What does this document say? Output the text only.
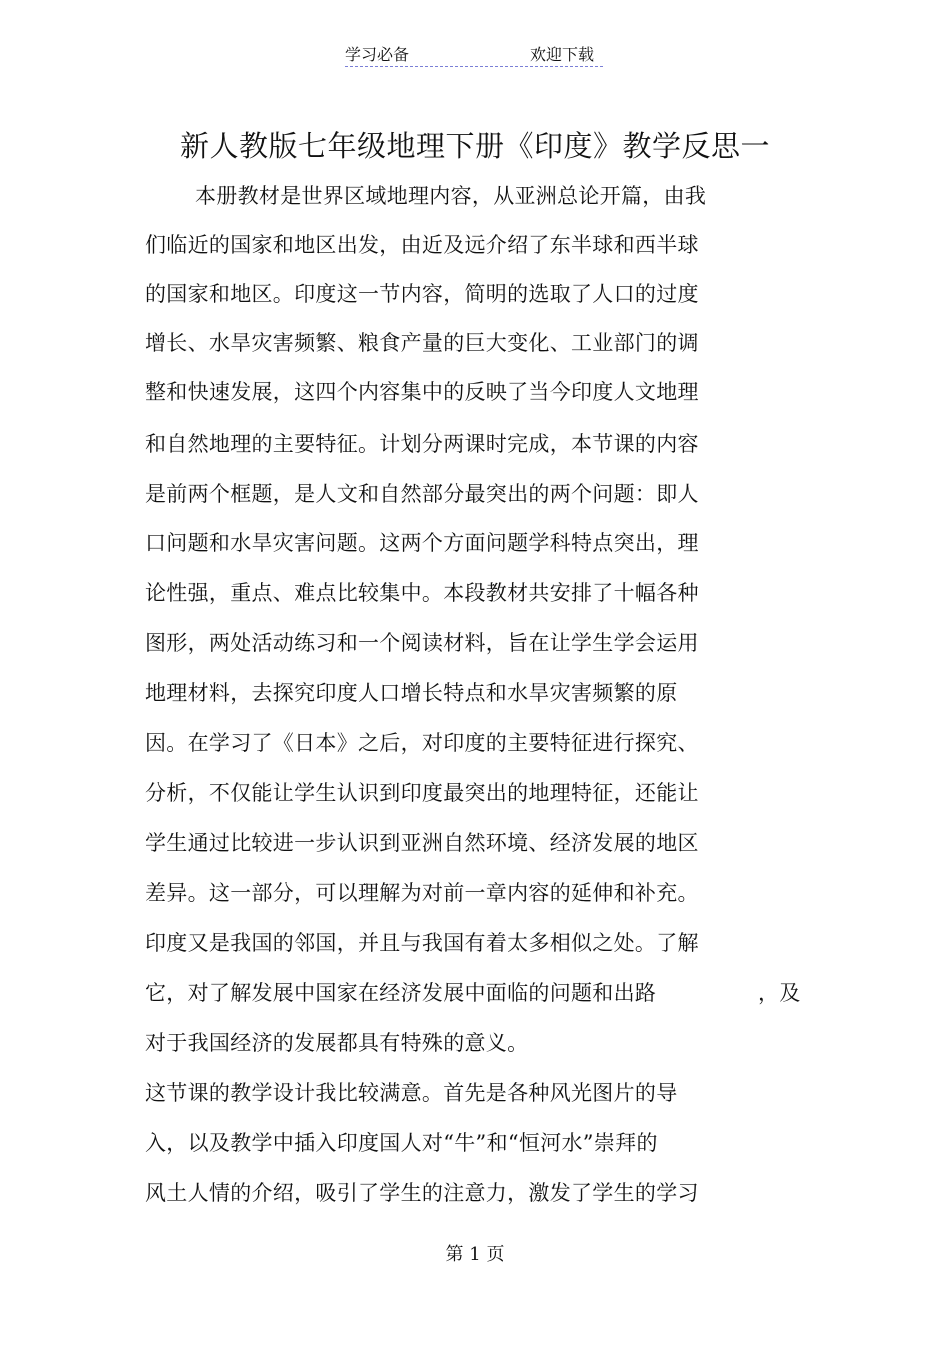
学习必备	欢迎下载
新人教版七年级地理下册《印度》教学反思一
本册教材是世界区域地理内容，从亚洲总论开篇，由我
们临近的国家和地区出发，由近及远介绍了东半球和西半球
的国家和地区。印度这一节内容，简明的选取了人口的过度
增长、水旱灾害频繁、粮食产量的巨大变化、工业部门的调
整和快速发展，这四个内容集中的反映了当今印度人文地理
和自然地理的主要特征。计划分两课时完成，本节课的内容
是前两个框题，是人文和自然部分最突出的两个问题：即人
口问题和水旱灾害问题。这两个方面问题学科特点突出，理
论性强，重点、难点比较集中。本段教材共安排了十幅各种
图形，两处活动练习和一个阅读材料，旨在让学生学会运用
地理材料，去探究印度人口增长特点和水旱灾害频繁的原
因。在学习了《日本》之后，对印度的主要特征进行探究、
分析，不仅能让学生认识到印度最突出的地理特征，还能让
学生通过比较进一步认识到亚洲自然环境、经济发展的地区
差异。这一部分，可以理解为对前一章内容的延伸和补充。
印度又是我国的邻国，并且与我国有着太多相似之处。了解
它，对了解发展中国家在经济发展中面临的问题和出路	，及
对于我国经济的发展都具有特殊的意义。
这节课的教学设计我比较满意。首先是各种风光图片的导
入，以及教学中插入印度国人对“牛”和“恒河水”崇拜的
风土人情的介绍，吸引了学生的注意力，激发了学生的学习
第 1 页
